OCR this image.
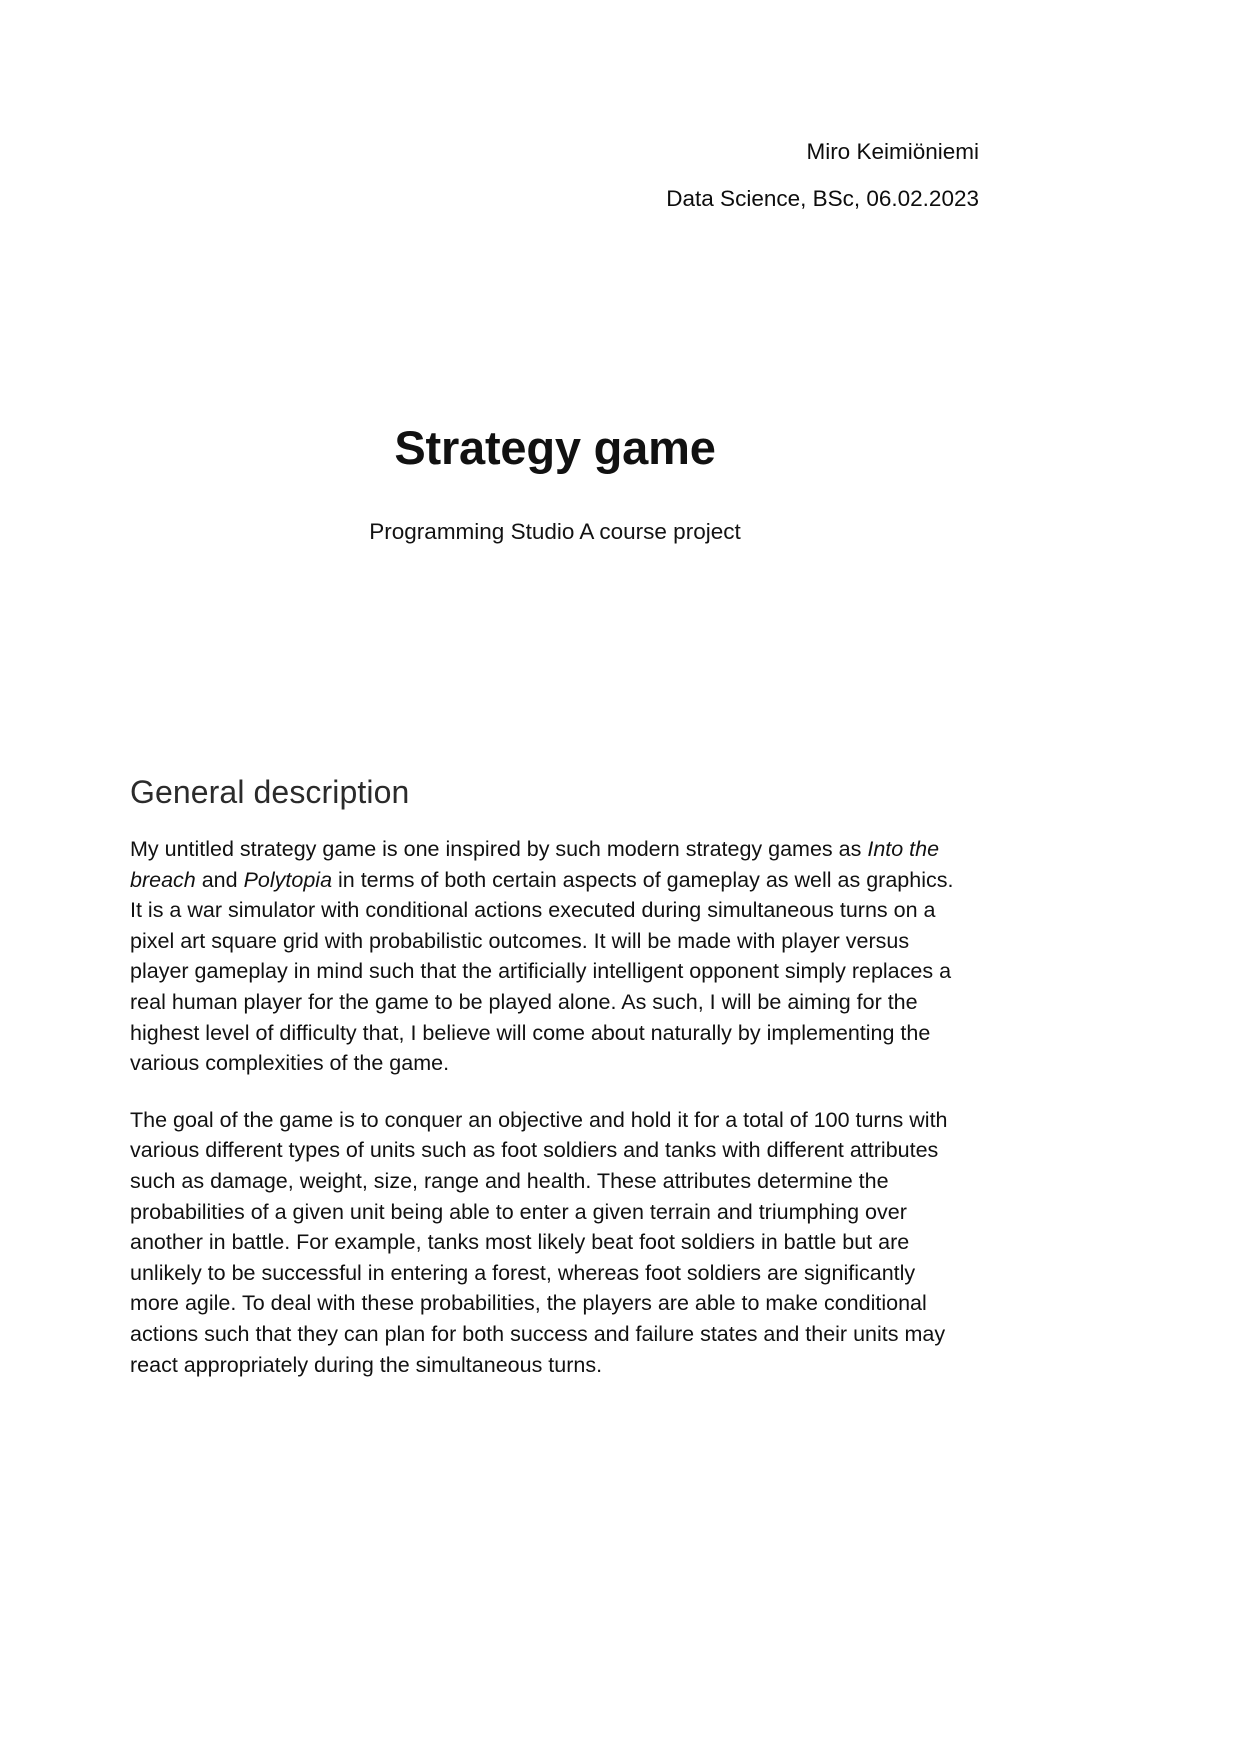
Miro Keimiöniemi
Data Science, BSc, 06.02.2023
Strategy game
Programming Studio A course project
General description

My untitled strategy game is one inspired by such modern strategy games as Into the breach and Polytopia in terms of both certain aspects of gameplay as well as graphics. It is a war simulator with conditional actions executed during simultaneous turns on a pixel art square grid with probabilistic outcomes. It will be made with player versus player gameplay in mind such that the artificially intelligent opponent simply replaces a real human player for the game to be played alone. As such, I will be aiming for the highest level of difficulty that, I believe will come about naturally by implementing the various complexities of the game.

The goal of the game is to conquer an objective and hold it for a total of 100 turns with various different types of units such as foot soldiers and tanks with different attributes such as damage, weight, size, range and health. These attributes determine the probabilities of a given unit being able to enter a given terrain and triumphing over another in battle. For example, tanks most likely beat foot soldiers in battle but are unlikely to be successful in entering a forest, whereas foot soldiers are significantly more agile. To deal with these probabilities, the players are able to make conditional actions such that they can plan for both success and failure states and their units may react appropriately during the simultaneous turns.
